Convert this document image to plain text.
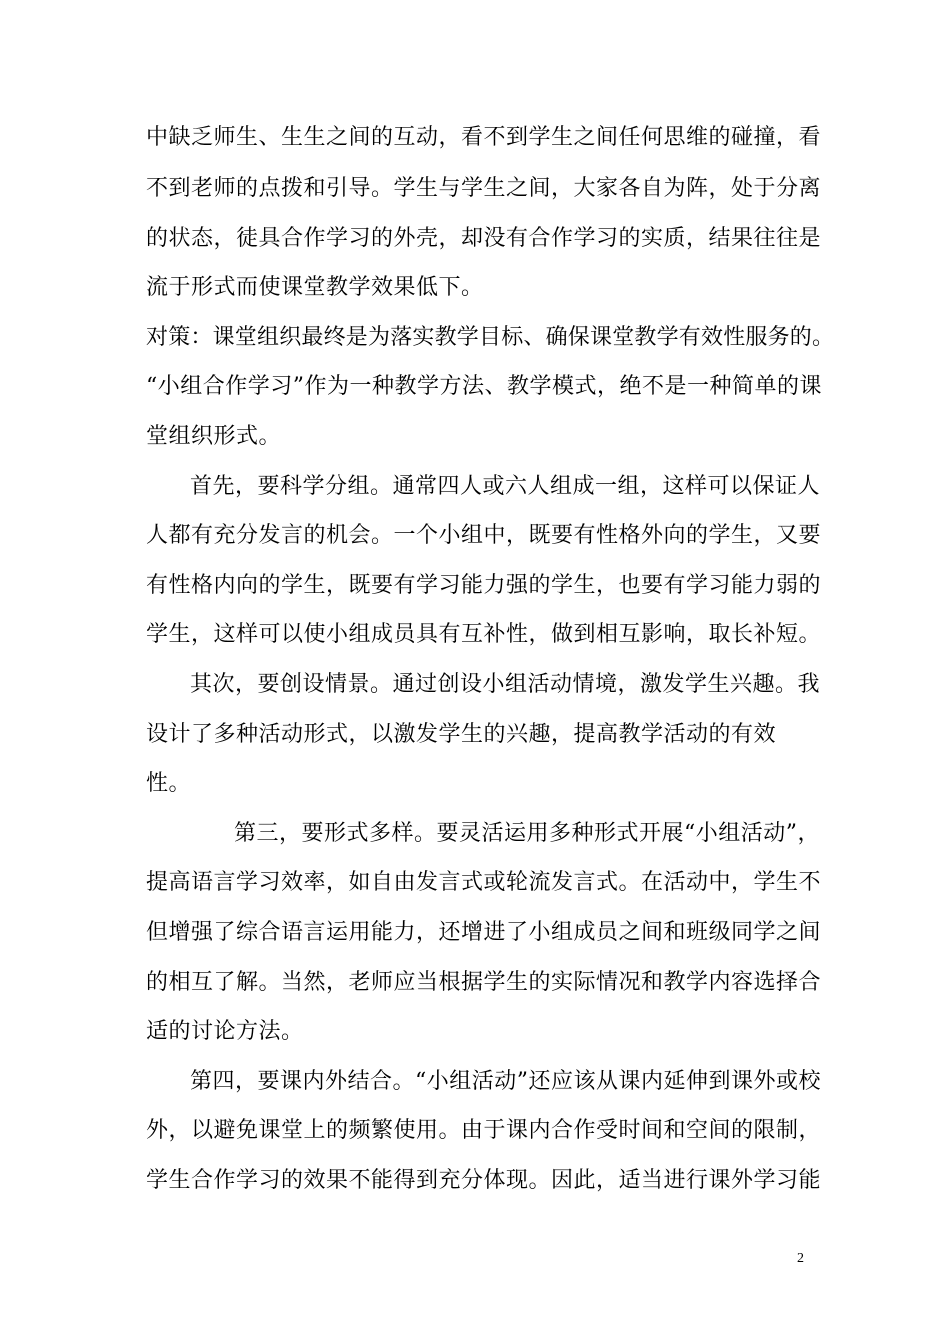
中缺乏师生、生生之间的互动，看不到学生之间任何思维的碰撞，看
不到老师的点拨和引导。学生与学生之间，大家各自为阵，处于分离
的状态，徒具合作学习的外壳，却没有合作学习的实质，结果往往是
流于形式而使课堂教学效果低下。
对策：课堂组织最终是为落实教学目标、确保课堂教学有效性服务的。
“小组合作学习”作为一种教学方法、教学模式，绝不是一种简单的课
堂组织形式。
首先，要科学分组。通常四人或六人组成一组，这样可以保证人
人都有充分发言的机会。一个小组中，既要有性格外向的学生，又要
有性格内向的学生，既要有学习能力强的学生，也要有学习能力弱的
学生，这样可以使小组成员具有互补性，做到相互影响，取长补短。
其次，要创设情景。通过创设小组活动情境，激发学生兴趣。我
设计了多种活动形式，以激发学生的兴趣，提高教学活动的有效
性。
第三，要形式多样。要灵活运用多种形式开展“小组活动”，
提高语言学习效率，如自由发言式或轮流发言式。在活动中，学生不
但增强了综合语言运用能力，还增进了小组成员之间和班级同学之间
的相互了解。当然，老师应当根据学生的实际情况和教学内容选择合
适的讨论方法。
第四，要课内外结合。“小组活动”还应该从课内延伸到课外或校
外，以避免课堂上的频繁使用。由于课内合作受时间和空间的限制，
学生合作学习的效果不能得到充分体现。因此，适当进行课外学习能
2
